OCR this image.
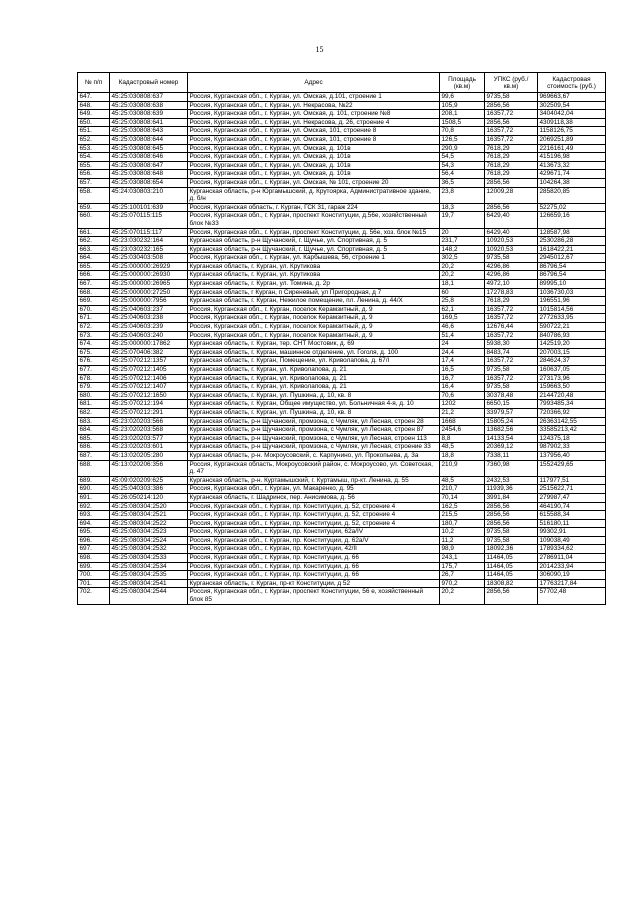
15
№ п/п	Кадастровый номер	Адрес	Площадь (кв.м)	УПКС (руб./кв.м)	Кадастровая стоимость (руб.)
647.	45:25:030808:637	Россия, Курганская обл., г. Курган, ул. Омская, д.101, строение 1	99,6	9735,58	969663,67
648.	45:25:030808:638	Россия, Курганская обл., г. Курган, ул. Некрасова, №22	105,9	2856,56	302509,54
649.	45:25:030808:639	Россия, Курганская обл., г. Курган, ул. Омская, д. 101, строение №8	208,1	16357,72	3404042,04
650.	45:25:030808:641	Россия, Курганская обл., г. Курган, ул. Некрасова, д. 26, строение 4	1508,5	2856,56	4309118,38
651.	45:25:030808:643	Россия, Курганская обл., г. Курган, ул. Омская, 101, строение 8	70,8	16357,72	1158126,75
652.	45:25:030808:644	Россия, Курганская обл., г. Курган, ул. Омская, 101, строение 8	126,5	16357,72	2069251,89
653.	45:25:030808:645	Россия, Курганская обл., г. Курган, ул. Омская, д. 101в	290,9	7618,29	2216161,49
654.	45:25:030808:646	Россия, Курганская обл., г. Курган, ул. Омская, д. 101в	54,5	7618,29	415196,98
655.	45:25:030808:647	Россия, Курганская обл., г. Курган, ул. Омская, д. 101в	54,3	7618,29	413673,32
656.	45:25:030808:648	Россия, Курганская обл., г. Курган, ул. Омская, д. 101в	56,4	7618,29	429671,74
657.	45:25:030808:654	Россия, Курганская обл., г. Курган, ул. Омская, № 101, строение 20	36,5	2856,56	104264,38
658.	45:24:030803:210	Курганская область, р-н Юргамышский, д. Крутоярка, Административное здание, д. б/н	23,8	12009,28	285820,85
659.	45:25:100101:639	Россия, Курганская область, г. Курган, ГСК 31, гараж 224	18,3	2856,56	52275,02
660.	45:25:070115:115	Россия, Курганская обл., г. Курган, проспект Конституции, д.56е, хозяйственный блок №33	19,7	6429,40	126659,16
661.	45:25:070115:117	Россия, Курганская обл., г. Курган, проспект Конституции, д. 56е, хоз. блок №15	20	6429,40	128587,98
662.	45:23:030232:164	Курганская область, р-н Щучанский, г. Щучье, ул. Спортивная, д. 5	231,7	10920,53	2530286,28
663.	45:23:030232:165	Курганская область, р-н Щучанский, г. Щучье, ул. Спортивная, д. 5	148,2	10920,53	1618422,21
664.	45:25:030403:508	Россия, Курганская обл., г. Курган, ул. Карбышева, 56, строение 1	302,5	9735,58	2945012,67
665.	45:25:000000:26929	Курганская область, г. Курган, ул. Крутикова	20,2	4296,86	86796,54
666.	45:25:000000:26930	Курганская область, г. Курган, ул. Крутикова	20,2	4296,86	86796,54
667.	45:25:000000:26965	Курганская область, г. Курган, ул. Томина, д. 2р	18,1	4972,10	89995,10
668.	45:25:000000:27250	Курганская область, г Курган, п Сиреневый, ул Пригородная, д 7	60	17278,83	1036730,03
669.	45:25:000000:7956	Курганская область, г. Курган, Нежилое помещение, пл. Ленина, д. 44/Х	25,8	7618,29	196551,96
670.	45:25:040603:237	Россия, Курганская обл., г. Курган, поселок Керамзитный, д. 9	62,1	16357,72	1015814,56
671.	45:25:040603:238	Россия, Курганская обл., г. Курган, поселок Керамзитный, д. 9	169,5	16357,72	2772633,95
672.	45:25:040603:239	Россия, Курганская обл., г. Курган, поселок Керамзитный, д. 9	46,6	12676,44	590722,21
673.	45:25:040603:240	Россия, Курганская обл., г. Курган, поселок Керамзитный, д. 9	51,4	16357,72	840786,93
674.	45:25:000000:17862	Курганская область, г. Курган, тер. СНТ Мостовик, д. 69	24	5938,30	142519,20
675.	45:25:070406:382	Курганская область, г. Курган, машинное отделение, ул. Гоголя, д. 100	24,4	8483,74	207003,15
676.	45:25:070212:1357	Курганская область, г. Курган, Помещение, ул. Криволапова, д. 67/I	17,4	16357,72	284624,37
677.	45:25:070212:1405	Курганская область, г. Курган, ул. Криволапова, д. 21	16,5	9735,58	160637,05
678.	45:25:070212:1406	Курганская область, г. Курган, ул. Криволапова, д. 21	16,7	16357,72	273173,96
679.	45:25:070212:1407	Курганская область, г. Курган, ул. Криволапова, д. 21	16,4	9735,58	159663,50
680.	45:25:070212:1650	Курганская область, г. Курган, ул. Пушкина, д. 10, кв. 8	70,6	30378,48	2144720,48
681.	45:25:070212:194	Курганская область, г. Курган, Общее имущество, ул. Больничная 4-я, д. 10	1202	6650,15	7993485,34
682.	45:25:070212:291	Курганская область, г. Курган, ул. Пушкина, д. 10, кв. 8	21,2	33979,57	720366,92
683.	45:23:020203:566	Курганская область, р-н Щучанский, промзона, с Чумляк, ул Лесная, строен 28	1668	15805,24	26363142,55
684.	45:23:020203:568	Курганская область, р-н Щучанский, промзона, с Чумляк, ул Лесная, строен 87	2454,6	13682,56	33585213,42
685.	45:23:020203:577	Курганская область, р-н Щучанский, промзона, с Чумляк, ул Лесная, строен 113	8,8	14133,54	124375,18
686.	45:23:020203:601	Курганская область, р-н Щучанский, промзона, с Чумляк, ул Лесная, строение 33	48,5	20369,12	987902,33
687.	45:13:020205:280	Курганская область, р-н. Мокроусовский, с. Карпунино, ул. Прокопьева, д. 3а	18,8	7338,11	137956,40
688.	45:13:020206:356	Россия, Курганская область, Мокроусовский район, с. Мокроусово, ул. Советская, д. 47	210,9	7360,98	1552429,65
689.	45:09:020209:625	Курганская область, р-н. Куртамышский, г. Куртамыш, пр-кт. Ленина, д. 55	48,5	2432,53	117977,51
690.	45:25:040303:386	Россия, Курганская обл., г. Курган, ул. Макаренко, д. 95	210,7	11939,36	2515622,71
691.	45:26:050214:120	Курганская область, г. Шадринск, пер. Анисимова, д. 56	70,14	3991,84	279987,47
692.	45:25:080304:2520	Россия, Курганская обл., г. Курган, пр. Конституции, д. 52, строение 4	162,5	2856,56	464190,74
693.	45:25:080304:2521	Россия, Курганская обл., г. Курган, пр. Конституции, д. 52, строение 4	215,5	2856,56	615588,34
694.	45:25:080304:2522	Россия, Курганская обл., г. Курган, пр. Конституции, д. 52, строение 4	180,7	2856,56	516180,11
695.	45:25:080304:2523	Россия, Курганская обл., г. Курган, пр. Конституции, 62а/IV	10,2	9735,58	99302,91
696.	45:25:080304:2524	Россия, Курганская обл., г. Курган, пр. Конституции, д. 62а/V	11,2	9735,58	109038,49
697.	45:25:080304:2532	Россия, Курганская обл., г. Курган, пр. Конституции, 42/II	98,9	18092,36	1789334,62
698.	45:25:080304:2533	Россия, Курганская обл., г. Курган, пр. Конституции, д. 66	243,1	11464,05	2786911,04
699.	45:25:080304:2534	Россия, Курганская обл., г. Курган, пр. Конституции, д. 66	175,7	11464,05	2014233,94
700.	45:25:080304:2535	Россия, Курганская обл., г. Курган, пр. Конституции, д. 66	26,7	11464,05	306090,19
701.	45:25:080304:2541	Курганская область, г. Курган, пр-кт Конституции, д 52	970,2	18308,82	17763217,84
702.	45:25:080304:2544	Россия, Курганская обл., г. Курган, проспект Конституции, 56 е, хозяйственный блок 85	20,2	2856,56	57702,48
